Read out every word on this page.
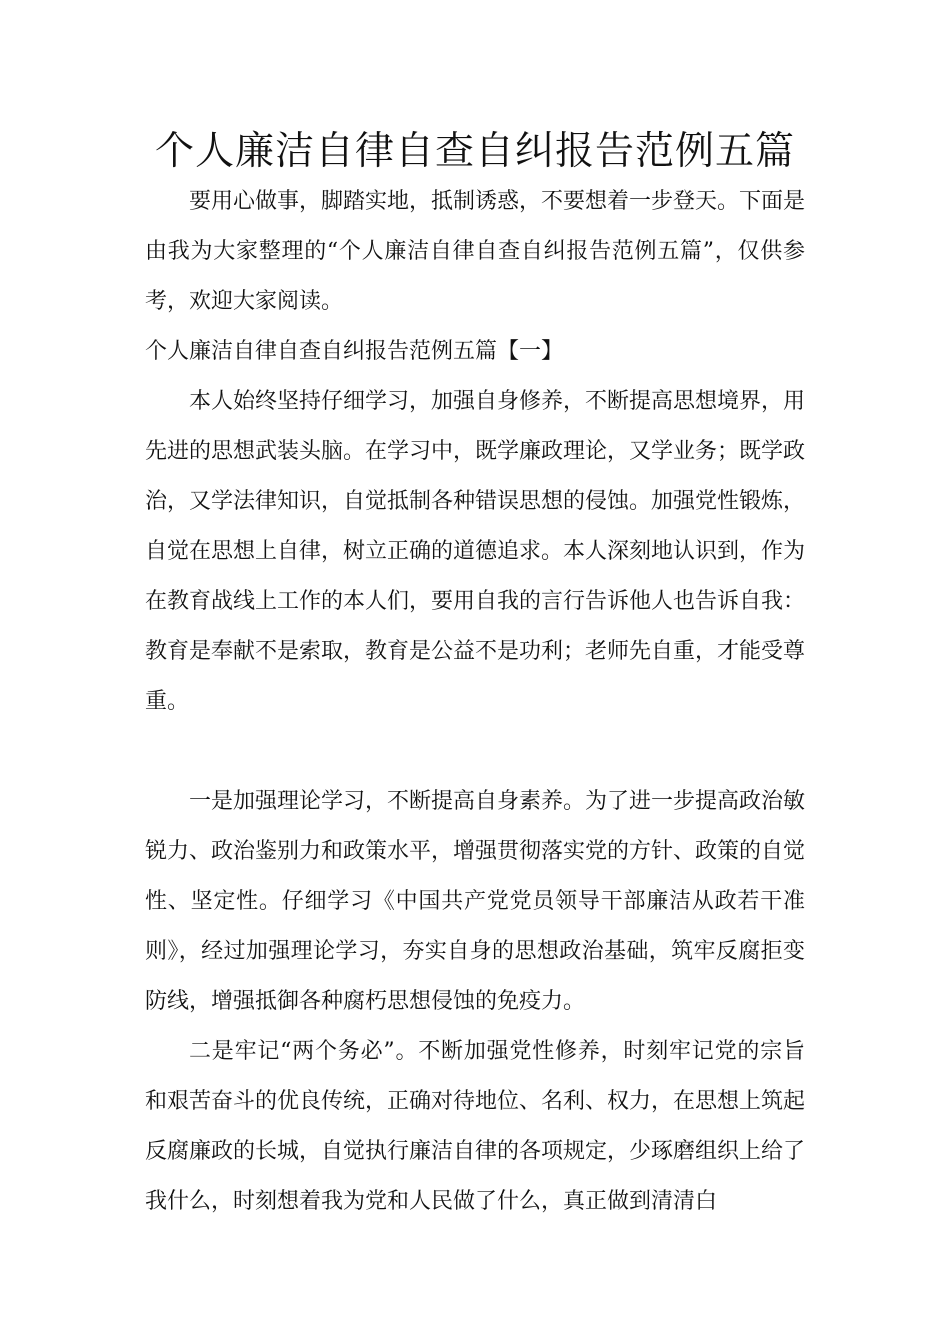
个人廉洁自律自查自纠报告范例五篇

要用心做事，脚踏实地，抵制诱惑，不要想着一步登天。下面是由我为大家整理的“个人廉洁自律自查自纠报告范例五篇”，仅供参考，欢迎大家阅读。

个人廉洁自律自查自纠报告范例五篇【一】

本人始终坚持仔细学习，加强自身修养，不断提高思想境界，用先进的思想武装头脑。在学习中，既学廉政理论，又学业务；既学政治，又学法律知识，自觉抵制各种错误思想的侵蚀。加强党性锻炼，自觉在思想上自律，树立正确的道德追求。本人深刻地认识到，作为在教育战线上工作的本人们，要用自我的言行告诉他人也告诉自我：教育是奉献不是索取，教育是公益不是功利；老师先自重，才能受尊重。

一是加强理论学习，不断提高自身素养。为了进一步提高政治敏锐力、政治鉴别力和政策水平，增强贯彻落实党的方针、政策的自觉性、坚定性。仔细学习《中国共产党党员领导干部廉洁从政若干准则》，经过加强理论学习，夯实自身的思想政治基础，筑牢反腐拒变防线，增强抵御各种腐朽思想侵蚀的免疫力。

二是牢记“两个务必”。不断加强党性修养，时刻牢记党的宗旨和艰苦奋斗的优良传统，正确对待地位、名利、权力，在思想上筑起反腐廉政的长城，自觉执行廉洁自律的各项规定，少琢磨组织上给了我什么，时刻想着我为党和人民做了什么，真正做到清清白
